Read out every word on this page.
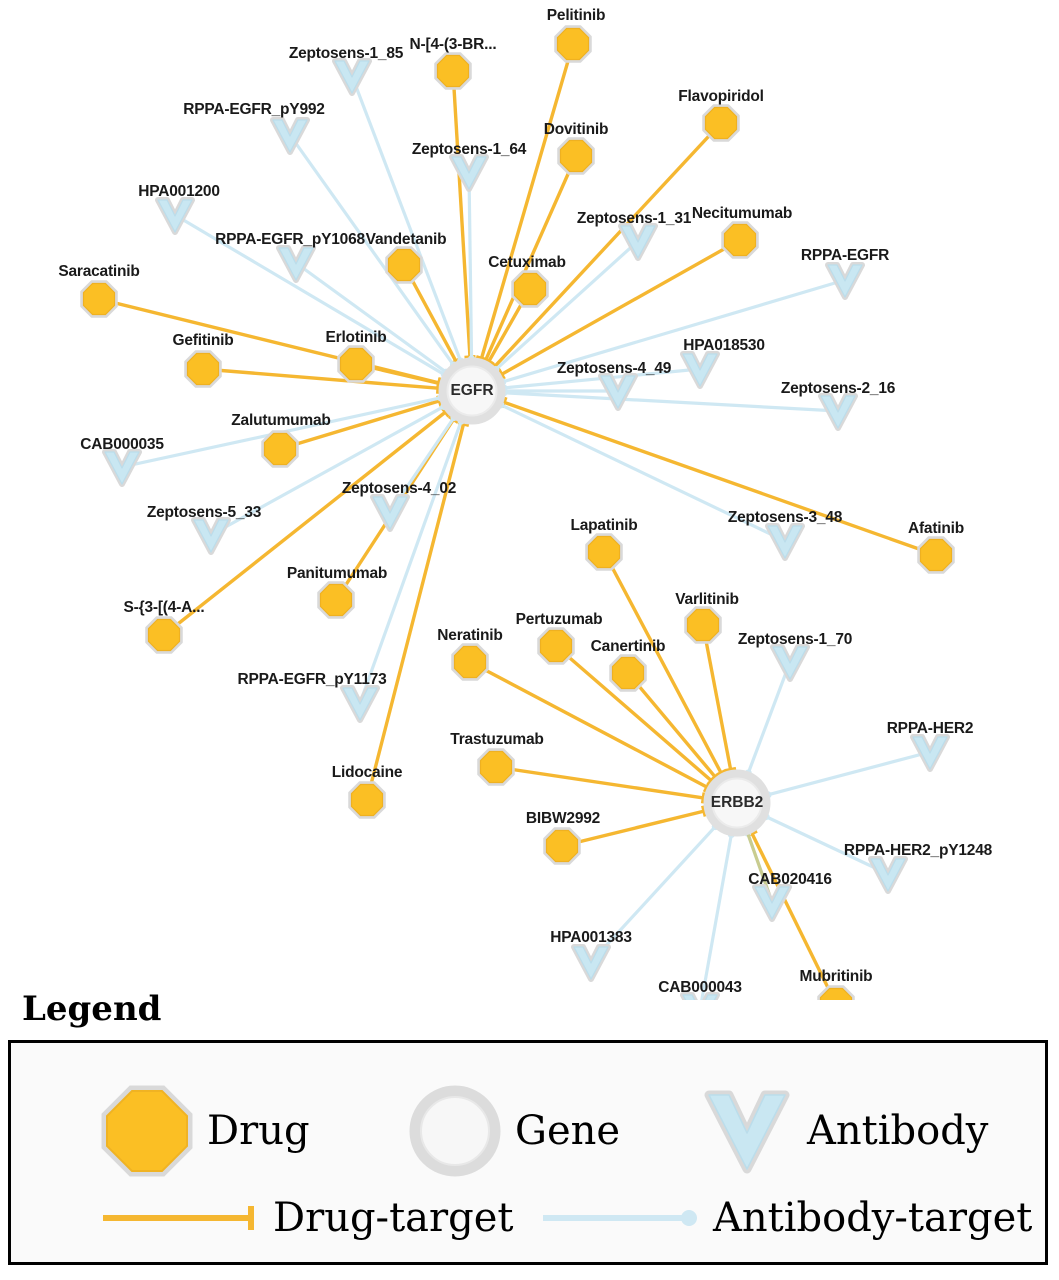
Pelitinib
N-[4-(3-BR...
Flavopiridol
Dovitinib
Necitumumab
Vandetanib
Cetuximab
Saracatinib
Erlotinib
Gefitinib
Zalutumumab
Lapatinib	Afatinib
Panitumumab
Varlitinib
S-{3-[(4-A...
Pertuzumab
Neratinib
Canertinib
Trastuzumab
Lidocaine
BIBW2992
Mubritinib
Zeptosens-1_85
RPPA-EGFR_pY992
Zeptosens-1_64
HPA001200
Zeptosens-1_31
RPPA-EGFR_pY1068
RPPA-EGFR
HPA018530
Zeptosens-4_49
Zeptosens-2_16
CAB000035
Zeptosens-4_02
Zeptosens-5_33	Zeptosens-3_48
Zeptosens-1_70
RPPA-EGFR_pY1173
RPPA-HER2
RPPA-HER2_pY1248
CAB020416
HPA001383
CAB000043
EGFR
ERBB2
Legend
Drug	Gene	Antibody
Drug-target	Antibody-target
